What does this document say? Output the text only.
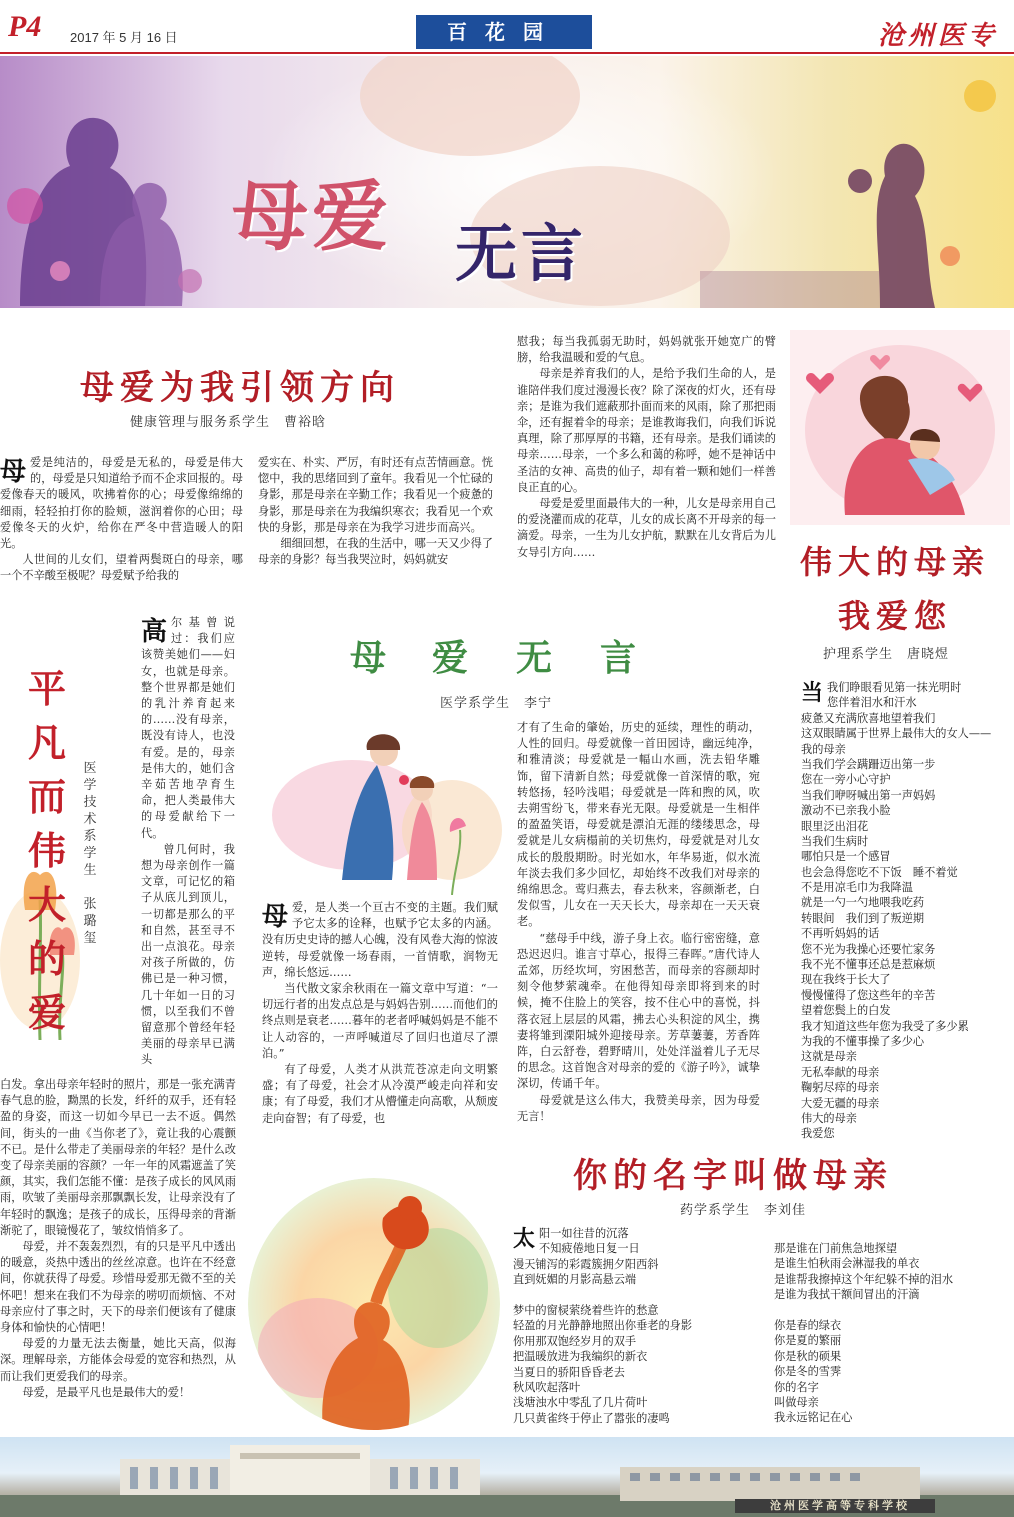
P4 2017 年 5 月 16 日	百花园	沧州医专
母爱 无言
母爱为我引领方向
健康管理与服务系学生　曹裕晗
母 爱是纯洁的，母爱是无私的，母爱是伟大的，母爱是只知道给予而不企求回报的。母爱像春天的暖风，吹拂着你的心；母爱像绵绵的细雨，轻轻拍打你的脸颊，滋润着你的心田；母爱像冬天的火炉，给你在严冬中营造暖人的阳光。

人世间的儿女们，望着两鬓斑白的母亲，哪一个不辛酸至极呢？母爱赋予给我的

爱实在、朴实、严厉，有时还有点苦情画意。恍惚中，我的思绪回到了童年。我看见一个忙碌的身影，那是母亲在辛勤工作；我看见一个疲惫的身影，那是母亲在为我编织寒衣；我看见一个欢快的身影，那是母亲在为我学习进步而高兴。

细细回想，在我的生活中，哪一天又少得了母亲的身影？每当我哭泣时，妈妈就安

慰我；每当我孤弱无助时，妈妈就张开她宽广的臂膀，给我温暖和爱的气息。

母亲是养育我们的人，是给予我们生命的人，是谁陪伴我们度过漫漫长夜？除了深夜的灯火，还有母亲；是谁为我们遮蔽那扑面而来的风雨，除了那把雨伞，还有握着伞的母亲；是谁教诲我们，向我们诉说真理，除了那厚厚的书籍，还有母亲。是我们诵读的母亲……母亲，一个多么和蔼的称呼，她不是神话中圣洁的女神、高贵的仙子，却有着一颗和她们一样善良正直的心。

母爱是爱里面最伟大的一种，儿女是母亲用自己的爱浇灌而成的花草，儿女的成长离不开母亲的每一滴爱。母亲，一生为儿女护航，默默在儿女背后为儿女导引方向……	伟大的母亲
我爱您
护理系学生　唐晓煜
当 我们睁眼看见第一抹光明时
您伴着泪水和汗水
疲惫又充满欣喜地望着我们
这双眼睛属于世界上最伟大的女人——
我的母亲
当我们学会蹒跚迈出第一步
您在一旁小心守护
当我们咿呀喊出第一声妈妈
激动不已亲我小脸
眼里泛出泪花
当我们生病时
哪怕只是一个感冒
也会急得您吃不下饭　睡不着觉
不是用凉毛巾为我降温
就是一勺一勺地喂我吃药
转眼间　我们到了叛逆期
不再听妈妈的话
您不光为我操心还要忙家务
我不光不懂事还总是惹麻烦
现在我终于长大了
慢慢懂得了您这些年的辛苦
望着您鬓上的白发
我才知道这些年您为我受了多少累
为我的不懂事操了多少心
这就是母亲
无私奉献的母亲
鞠躬尽瘁的母亲
大爱无疆的母亲
伟大的母亲
我爱您
平
凡
而
伟
大
的
爱
医
学
技
术
系
学
生

张
璐
玺
高 尔基曾说过：我们应该赞美她们——妇女，也就是母亲。整个世界都是她们的乳汁养育起来的……没有母亲，既没有诗人，也没有爱。是的，母亲是伟大的，她们含辛茹苦地孕育生命，把人类最伟大的母爱献给下一代。

曾几何时，我想为母亲创作一篇文章，可记忆的箱子从底儿到顶儿，一切都是那么的平和自然，甚至寻不出一点浪花。母亲对孩子所做的，仿佛已是一种习惯，几十年如一日的习惯，以至我们不曾留意那个曾经年轻美丽的母亲早已满头

白发。拿出母亲年轻时的照片，那是一张充满青春气息的脸，黝黑的长发，纤纤的双手，还有轻盈的身姿，而这一切如今早已一去不返。偶然间，街头的一曲《当你老了》，竟让我的心震颤不已。是什么带走了美丽母亲的年轻？是什么改变了母亲美丽的容颜？一年一年的风霜遮盖了笑颜，其实，我们怎能不懂：是孩子成长的风风雨雨，吹皱了美丽母亲那飘飘长发，让母亲没有了年轻时的飘逸；是孩子的成长，压得母亲的背渐渐驼了，眼镜慢花了，皱纹悄悄多了。

母爱，并不轰轰烈烈，有的只是平凡中透出的暖意，炎热中透出的丝丝凉意。也许在不经意间，你就获得了母爱。珍惜母爱那无微不至的关怀吧！想来在我们不为母亲的唠叨而烦恼、不对母亲应付了事之时，天下的母亲们便该有了健康身体和愉快的心情吧！

母爱的力量无法去衡量，她比天高，似海深。理解母亲，方能体会母爱的宽容和热烈，从而让我们更爱我们的母亲。

母爱，是最平凡也是最伟大的爱！

母 爱 无 言
医学系学生　李宁
母 爱，是人类一个亘古不变的主题。我们赋予它太多的诠释，也赋予它太多的内涵。没有历史史诗的撼人心魄，没有风卷大海的惊波逆转，母爱就像一场春雨，一首情歌，润物无声，绵长悠远……

当代散文家余秋雨在一篇文章中写道：“一切远行者的出发点总是与妈妈告别……而他们的终点则是衰老……暮年的老者呼喊妈妈是不能不让人动容的，一声呼喊道尽了回归也道尽了漂泊。”

有了母爱，人类才从洪荒苍凉走向文明繁盛；有了母爱，社会才从冷漠严峻走向祥和安康；有了母爱，我们才从懵懂走向高歌，从颓废走向奋智；有了母爱，也

才有了生命的肇始，历史的延续，理性的萌动，人性的回归。母爱就像一首田园诗，幽远纯净，和雅清淡；母爱就是一幅山水画，洗去铅华雕饰，留下清新自然；母爱就像一首深情的歌，宛转悠扬，轻吟浅唱；母爱就是一阵和煦的风，吹去朔雪纷飞，带来春光无限。母爱就是一生相伴的盈盈笑语，母爱就是漂泊无涯的缕缕思念，母爱就是儿女病榻前的关切焦灼，母爱就是对儿女成长的殷殷期盼。时光如水，年华易逝，似水流年淡去我们多少回忆，却始终不改我们对母亲的绵绵思念。莺归燕去，春去秋来，容颜渐老，白发似雪，儿女在一天天长大，母亲却在一天天衰老。

“慈母手中线，游子身上衣。临行密密缝，意恐迟迟归。谁言寸草心，报得三春晖。”唐代诗人孟郊，历经坎坷，穷困愁苦，而母亲的容颜却时刻令他梦萦魂牵。在他得知母亲即将到来的时候，掩不住脸上的笑容，按不住心中的喜悦，抖落衣冠上层层的风霜，拂去心头积淀的风尘，携妻将雏到溧阳城外迎接母亲。芳草萋萋，芳香阵阵，白云舒卷，碧野晴川，处处洋溢着儿子无尽的思念。这首饱含对母亲的爱的《游子吟》，诚挚深切，传诵千年。

母爱就是这么伟大，我赞美母亲，因为母爱无言！

你的名字叫做母亲
药学系学生　李刘佳
太 阳一如往昔的沉落
不知疲倦地日复一日
漫天铺泻的彩霞簇拥夕阳西斜
直到妩媚的月影高悬云端
梦中的窗棂萦绕着些许的愁意
轻盈的月光静静地照出你垂老的身影
你用那双饱经岁月的双手
把温暖放进为我编织的新衣
当夏日的骄阳昏昏老去
秋风吹起落叶
浅塘浊水中零乱了几片荷叶
几只黄雀终于停止了嚣张的凄鸣
那是谁在门前焦急地探望
是谁生怕秋雨会淋湿我的单衣
是谁帮我擦掉这个年纪躲不掉的泪水
是谁为我拭干额间冒出的汗滴
你是春的绿衣
你是夏的繁丽
你是秋的硕果
你是冬的雪霁
你的名字
叫做母亲
我永远铭记在心
沧州医学高等专科学校
